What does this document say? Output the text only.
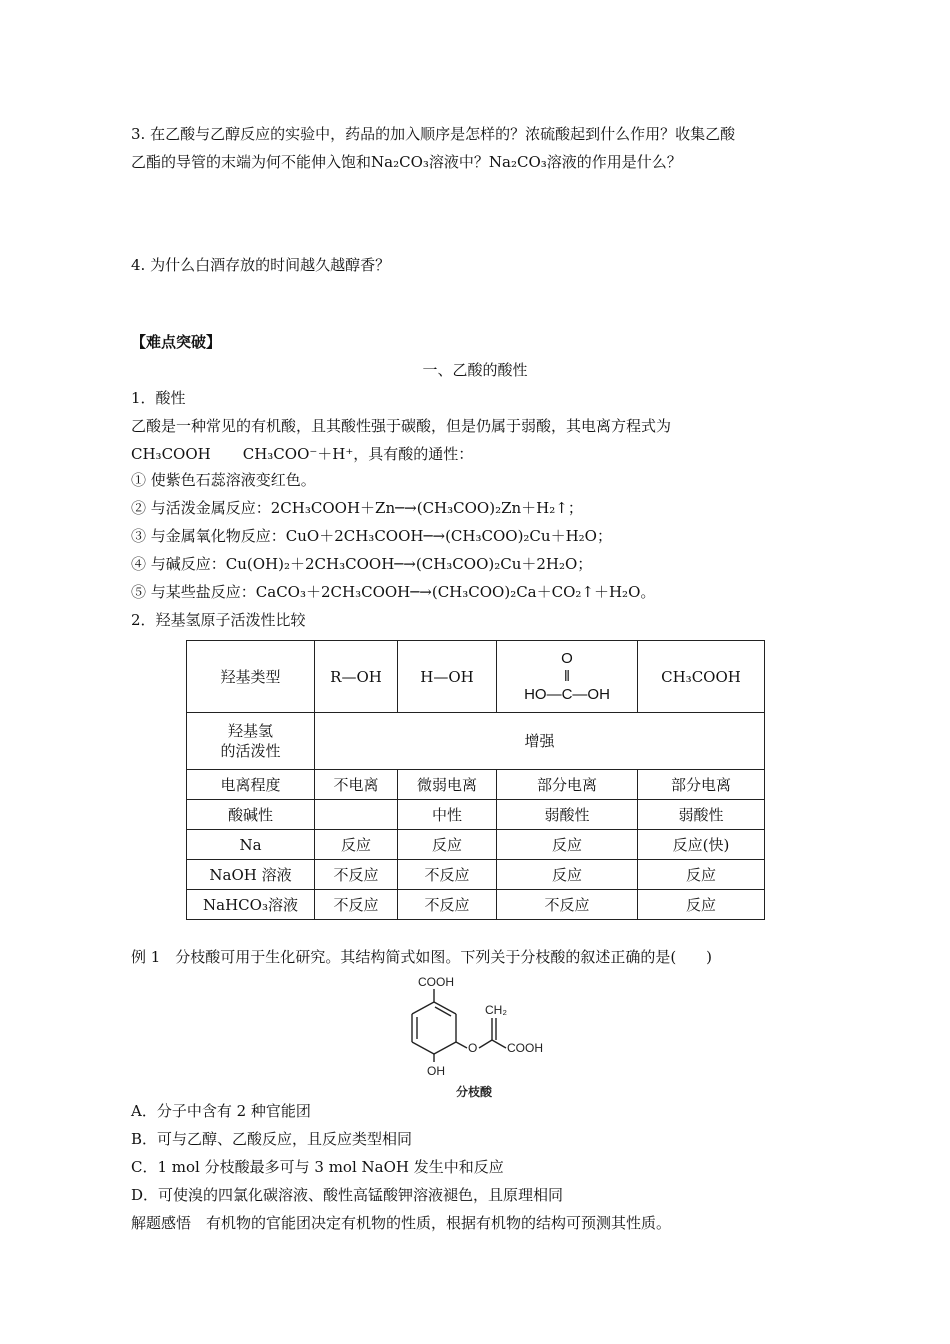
3. 在乙酸与乙醇反应的实验中，药品的加入顺序是怎样的？浓硫酸起到什么作用？收集乙酸
乙酯的导管的末端为何不能伸入饱和Na₂CO₃溶液中？Na₂CO₃溶液的作用是什么？
4. 为什么白酒存放的时间越久越醇香？
【难点突破】
一、乙酸的酸性
1．酸性
乙酸是一种常见的有机酸，且其酸性强于碳酸，但是仍属于弱酸，其电离方程式为
CH₃COOH CH₃COO⁻＋H⁺，具有酸的通性：
① 使紫色石蕊溶液变红色。
② 与活泼金属反应：2CH₃COOH＋Zn─→(CH₃COO)₂Zn＋H₂↑；
③ 与金属氧化物反应：CuO＋2CH₃COOH─→(CH₃COO)₂Cu＋H₂O；
④ 与碱反应：Cu(OH)₂＋2CH₃COOH─→(CH₃COO)₂Cu＋2H₂O；
⑤ 与某些盐反应：CaCO₃＋2CH₃COOH─→(CH₃COO)₂Ca＋CO₂↑＋H₂O。
2．羟基氢原子活泼性比较
羟基类型	R—OH	H—OH	O
‖
HO—C—OH	CH₃COOH

羟基氢
的活泼性	增强			
电离程度	不电离	微弱电离	部分电离	部分电离
酸碱性		中性	弱酸性	弱酸性
Na	反应	反应	反应	反应(快)
NaOH 溶液	不反应	不反应	反应	反应
NaHCO₃溶液	不反应	不反应	不反应	反应
例 1　分枝酸可用于生化研究。其结构简式如图。下列关于分枝酸的叙述正确的是(　　)
COOH
CH₂
O COOH
OH
分枝酸
A．分子中含有 2 种官能团
B．可与乙醇、乙酸反应，且反应类型相同
C．1 mol 分枝酸最多可与 3 mol NaOH 发生中和反应
D．可使溴的四氯化碳溶液、酸性高锰酸钾溶液褪色，且原理相同
解题感悟　有机物的官能团决定有机物的性质，根据有机物的结构可预测其性质。
